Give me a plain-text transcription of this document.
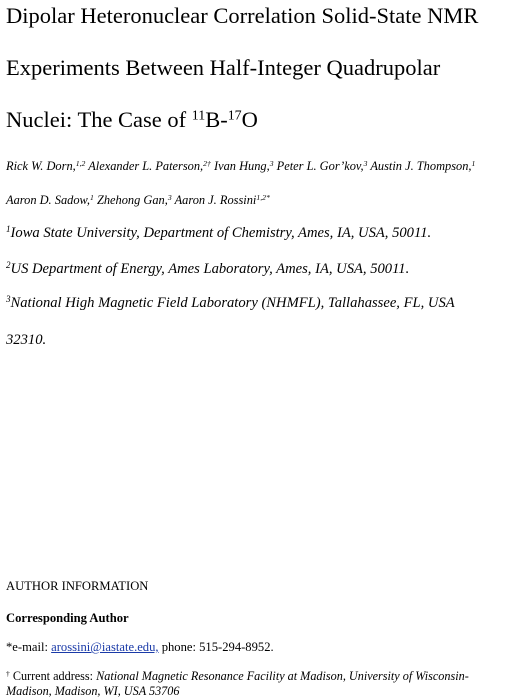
Dipolar Heteronuclear Correlation Solid-State NMR
Experiments Between Half-Integer Quadrupolar
Nuclei: The Case of $^{11}$B-$^{17}$O
Rick W. Dorn,$^{1,2}$ Alexander L. Paterson,$^{2\dagger}$ Ivan Hung,$^3$ Peter L. Gor’kov,$^3$ Austin J. Thompson,$^1$
Aaron D. Sadow,$^1$ Zhehong Gan,$^3$ Aaron J. Rossini$^{1,2*}$
$^1$Iowa State University, Department of Chemistry, Ames, IA, USA, 50011.
$^2$US Department of Energy, Ames Laboratory, Ames, IA, USA, 50011.
$^3$National High Magnetic Field Laboratory (NHMFL), Tallahassee, FL, USA
32310.
AUTHOR INFORMATION
Corresponding Author
*e-mail: arossini@iastate.edu, phone: 515-294-8952.
† Current address: National Magnetic Resonance Facility at Madison, University of Wisconsin-
Madison, Madison, WI, USA 53706
